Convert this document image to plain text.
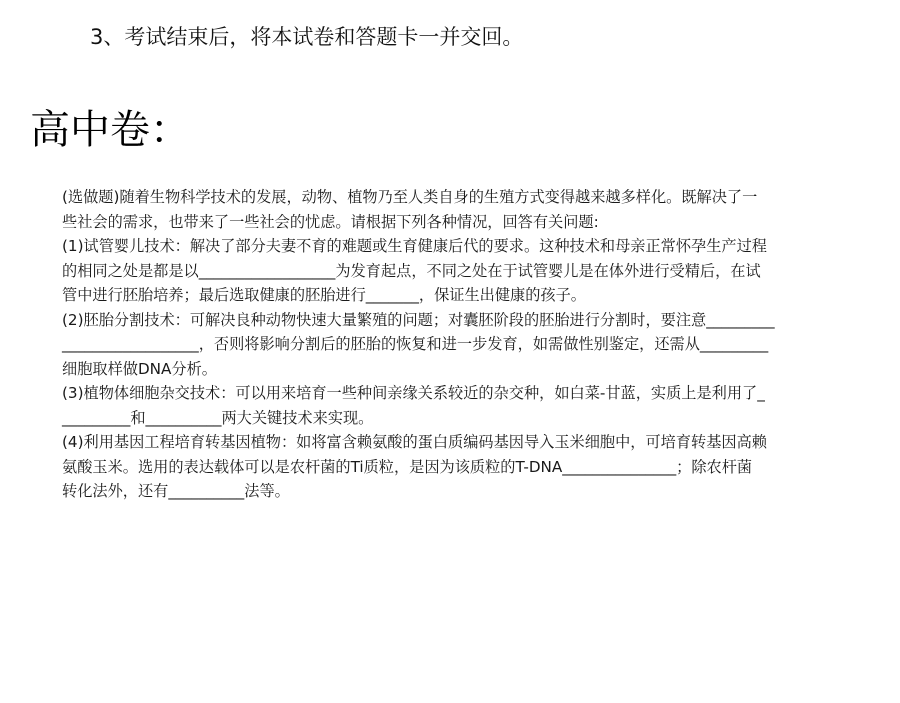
3、考试结束后，将本试卷和答题卡一并交回。
高中卷：
(选做题)随着生物科学技术的发展，动物、植物乃至人类自身的生殖方式变得越来越多样化。既解决了一
些社会的需求，也带来了一些社会的忧虑。请根据下列各种情况，回答有关问题:
(1)试管婴儿技术：解决了部分夫妻不育的难题或生育健康后代的要求。这种技术和母亲正常怀孕生产过程
的相同之处是都是以__________________为发育起点，不同之处在于试管婴儿是在体外进行受精后，在试
管中进行胚胎培养；最后选取健康的胚胎进行_______，保证生出健康的孩子。
(2)胚胎分割技术：可解决良种动物快速大量繁殖的问题；对囊胚阶段的胚胎进行分割时，要注意_________
__________________，否则将影响分割后的胚胎的恢复和进一步发育，如需做性别鉴定，还需从_________
细胞取样做DNA分析。
(3)植物体细胞杂交技术：可以用来培育一些种间亲缘关系较近的杂交种，如白菜-甘蓝，实质上是利用了_
_________和__________两大关键技术来实现。
(4)利用基因工程培育转基因植物：如将富含赖氨酸的蛋白质编码基因导入玉米细胞中，可培育转基因高赖
氨酸玉米。选用的表达载体可以是农杆菌的Ti质粒，是因为该质粒的T-DNA_______________；除农杆菌
转化法外，还有__________法等。
